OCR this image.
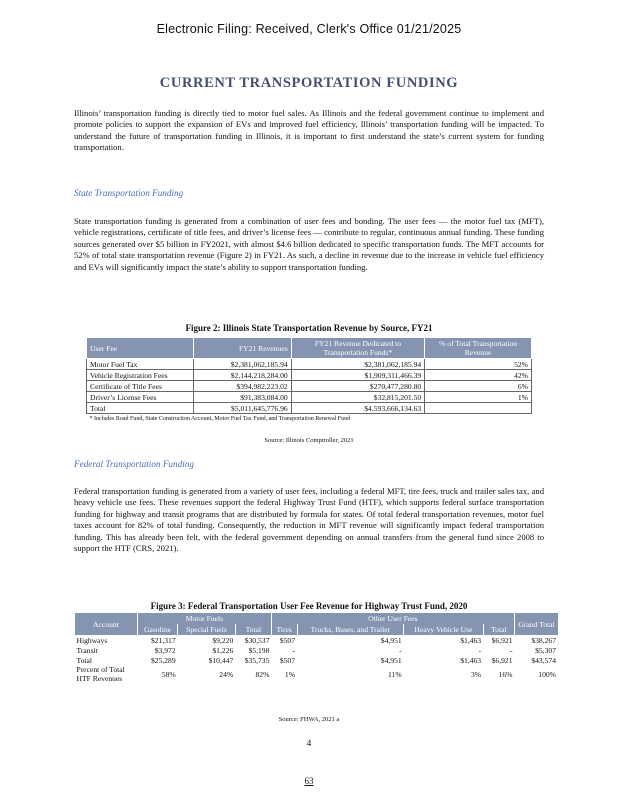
Electronic Filing: Received, Clerk's Office 01/21/2025
CURRENT TRANSPORTATION FUNDING
Illinois’ transportation funding is directly tied to motor fuel sales. As Illinois and the federal government continue to implement and promote policies to support the expansion of EVs and improved fuel efficiency, Illinois’ transportation funding will be impacted. To understand the future of transportation funding in Illinois, it is important to first understand the state’s current system for funding transportation.
State Transportation Funding
State transportation funding is generated from a combination of user fees and bonding. The user fees — the motor fuel tax (MFT), vehicle registrations, certificate of title fees, and driver’s license fees — contribute to regular, continuous annual funding. These funding sources generated over $5 billion in FY2021, with almost $4.6 billion dedicated to specific transportation funds. The MFT accounts for 52% of total state transportation revenue (Figure 2) in FY21. As such, a decline in revenue due to the increase in vehicle fuel efficiency and EVs will significantly impact the state’s ability to support transportation funding.
Figure 2: Illinois State Transportation Revenue by Source, FY21
User Fee	FY21 Revenues	FY21 Revenue Dedicated to Transportation Funds*	% of Total Transportation Revenue
Motor Fuel Tax	$2,381,062,185.94	$2,381,062,185.94	52%
Vehicle Registration Fees	$2,144,218,284.00	$1,909,311,466.39	42%
Certificate of Title Fees	$394,982,223.02	$270,477,280.80	6%
Driver’s License Fees	$91,383,084.00	$32,815,201.50	1%
Total	$5,011,645,776.96	$4,593,666,134.63	
* Includes Road Fund, State Construction Account, Motor Fuel Tax Fund, and Transportation Renewal Fund			
Source: Illinois Comptroller, 2021
Federal Transportation Funding
Federal transportation funding is generated from a variety of user fees, including a federal MFT, tire fees, truck and trailer sales tax, and heavy vehicle use fees. These revenues support the federal Highway Trust Fund (HTF), which supports federal surface transportation funding for highway and transit programs that are distributed by formula for states. Of total federal transportation revenues, motor fuel taxes account for 82% of total funding. Consequently, the reduction in MFT revenue will significantly impact federal transportation funding. This has already been felt, with the federal government depending on annual transfers from the general fund since 2008 to support the HTF (CRS, 2021).
Figure 3: Federal Transportation User Fee Revenue for Highway Trust Fund, 2020
Account	Motor Fuels			Other User Fees				Grand Total
	Gasoline	Special Fuels	Total	Tires	Trucks, Buses, and Trailer	Heavy Vehicle Use	Total	
Highways	$21,317	$9,220	$30,537	$507	$4,951	$1,463	$6,921	$38,267
Transit	$3,972	$1,226	$5,198	-	-	-	-	$5,307
Total	$25,289	$10,447	$35,735	$507	$4,951	$1,463	$6,921	$43,574
Percent of Total HTF Revenues	58%	24%	82%	1%	11%	3%	16%	100%
Source: FHWA, 2021 a
4
63
